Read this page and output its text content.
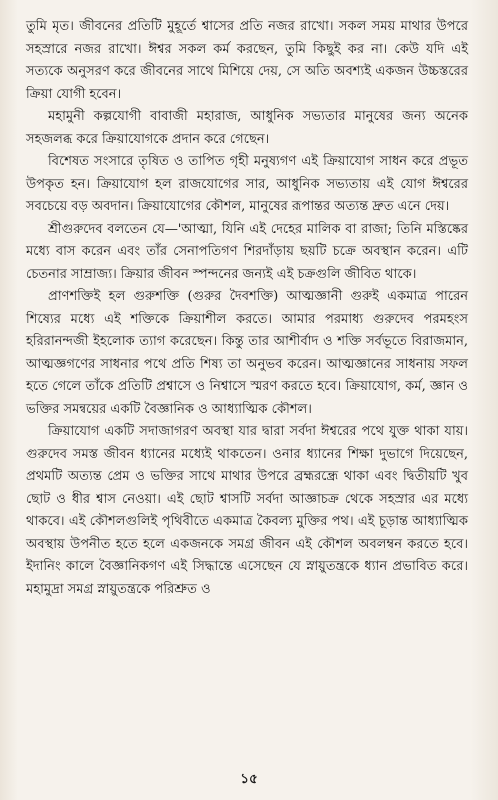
তুমি মৃত। জীবনের প্রতিটি মুহূর্তে শ্বাসের প্রতি নজর রাখো। সকল সময় মাথার উপরে সহস্রারে নজর রাখো। ঈশ্বর সকল কর্ম করছেন, তুমি কিছুই কর না। কেউ যদি এই সত্যকে অনুসরণ করে জীবনের সাথে মিশিয়ে দেয়, সে অতি অবশ্যই একজন উচ্চস্তরের ক্রিয়া যোগী হবেন।

মহামুনী কল্পযোগী বাবাজী মহারাজ, আধুনিক সভ্যতার মানুষের জন্য অনেক সহজলব্ধ করে ক্রিয়াযোগকে প্রদান করে গেছেন।

বিশেষত সংসারে তৃষিত ও তাপিত গৃহী মনুষ্যগণ এই ক্রিয়াযোগ সাধন করে প্রভূত উপকৃত হন। ক্রিয়াযোগ হল রাজযোগের সার, আধুনিক সভ্যতায় এই যোগ ঈশ্বরের সবচেয়ে বড় অবদান। ক্রিয়াযোগের কৌশল, মানুষের রূপান্তর অত্যন্ত দ্রুত এনে দেয়।

শ্রীগুরুদেব বলতেন যে—'আত্মা, যিনি এই দেহের মালিক বা রাজা; তিনি মস্তিষ্কের মধ্যে বাস করেন এবং তাঁর সেনাপতিগণ শিরদাঁড়ায় ছয়টি চক্রে অবস্থান করেন। এটি চেতনার সাম্রাজ্য। ক্রিয়ার জীবন স্পন্দনের জন্যই এই চক্রগুলি জীবিত থাকে।

প্রাণশক্তিই হল গুরুশক্তি (গুরুর দৈবশক্তি) আত্মজ্ঞানী গুরুই একমাত্র পারেন শিষ্যের মধ্যে এই শক্তিকে ক্রিয়াশীল করতে। আমার পরমাধ্য গুরুদেব পরমহংস হরিরানন্দজী ইহলোক ত্যাগ করেছেন। কিন্তু তার আশীর্বাদ ও শক্তি সর্বভূতে বিরাজমান, আত্মজ্ঞগণের সাধনার পথে প্রতি শিষ্য তা অনুভব করেন। আত্মজ্ঞানের সাধনায় সফল হতে গেলে তাঁকে প্রতিটি প্রশ্বাসে ও নিশ্বাসে স্মরণ করতে হবে। ক্রিয়াযোগ, কর্ম, জ্ঞান ও ভক্তির সমন্বয়ের একটি বৈজ্ঞানিক ও আধ্যাত্মিক কৌশল।

ক্রিয়াযোগ একটি সদাজাগরণ অবস্থা যার দ্বারা সর্বদা ঈশ্বরের পথে যুক্ত থাকা যায়। গুরুদেব সমস্ত জীবন ধ্যানের মধ্যেই থাকতেন। ওনার ধ্যানের শিক্ষা দুভাগে দিয়েছেন, প্রথমটি অত্যন্ত প্রেম ও ভক্তির সাথে মাথার উপরে ব্রহ্মরন্ধ্রে থাকা এবং দ্বিতীয়টি খুব ছোট ও ধীর শ্বাস নেওয়া। এই ছোট শ্বাসটি সর্বদা আজ্ঞাচক্র থেকে সহস্রার এর মধ্যে থাকবে। এই কৌশলগুলিই পৃথিবীতে একমাত্র কৈবল্য মুক্তির পথ। এই চূড়ান্ত আধ্যাত্মিক অবস্থায় উপনীত হতে হলে একজনকে সমগ্র জীবন এই কৌশল অবলম্বন করতে হবে। ইদানিং কালে বৈজ্ঞানিকগণ এই সিদ্ধান্তে এসেছেন যে স্নায়ুতন্ত্রকে ধ্যান প্রভাবিত করে। মহামুদ্রা সমগ্র স্নায়ুতন্ত্রকে পরিশ্রুত ও

১৫
